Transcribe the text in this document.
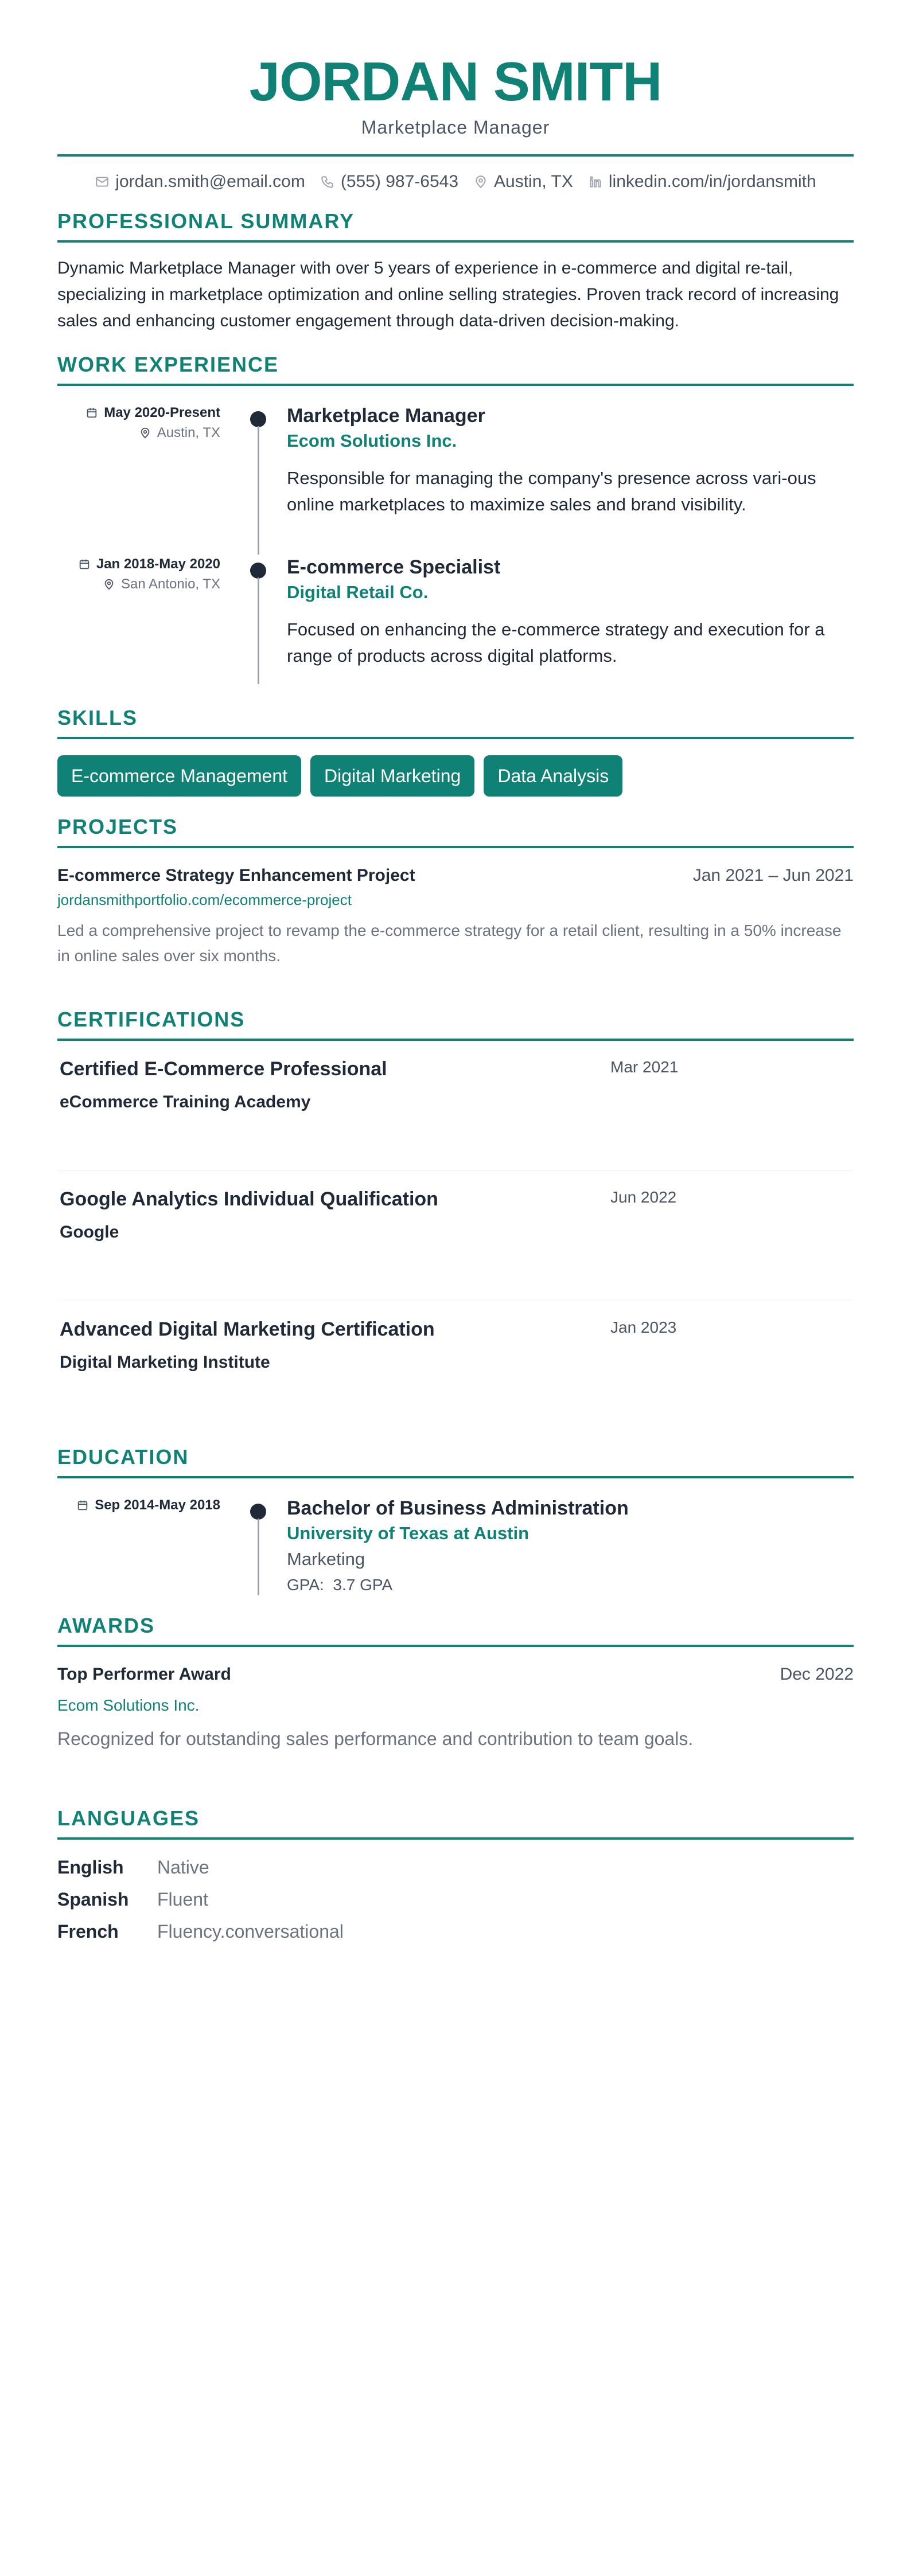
JORDAN SMITH
Marketplace Manager
jordan.smith@email.com (555) 987-6543 Austin, TX linkedin.com/in/jordansmith
PROFESSIONAL SUMMARY
Dynamic Marketplace Manager with over 5 years of experience in e-commerce and digital re-tail, specializing in marketplace optimization and online selling strategies. Proven track record of increasing sales and enhancing customer engagement through data-driven decision-making.
WORK EXPERIENCE
May 2020-Present
Austin, TX
Marketplace Manager
Ecom Solutions Inc.
Responsible for managing the company's presence across vari-ous online marketplaces to maximize sales and brand visibility.
Jan 2018-May 2020
San Antonio, TX
E-commerce Specialist
Digital Retail Co.
Focused on enhancing the e-commerce strategy and execution for a range of products across digital platforms.
SKILLS
E-commerce Management	Digital Marketing	Data Analysis
PROJECTS
E-commerce Strategy Enhancement Project	Jan 2021 – Jun 2021
jordansmithportfolio.com/ecommerce-project
Led a comprehensive project to revamp the e-commerce strategy for a retail client, resulting in a 50% increase in online sales over six months.
CERTIFICATIONS
Certified E-Commerce Professional
eCommerce Training Academy
Mar 2021
Google Analytics Individual Qualification
Google
Jun 2022
Advanced Digital Marketing Certification
Digital Marketing Institute
Jan 2023
EDUCATION
Sep 2014-May 2018	Bachelor of Business Administration
University of Texas at Austin
Marketing
GPA: 3.7 GPA
AWARDS
Top Performer Award	Dec 2022
Ecom Solutions Inc.
Recognized for outstanding sales performance and contribution to team goals.
LANGUAGES
English	Native
Spanish	Fluent
French	Fluency.conversational
